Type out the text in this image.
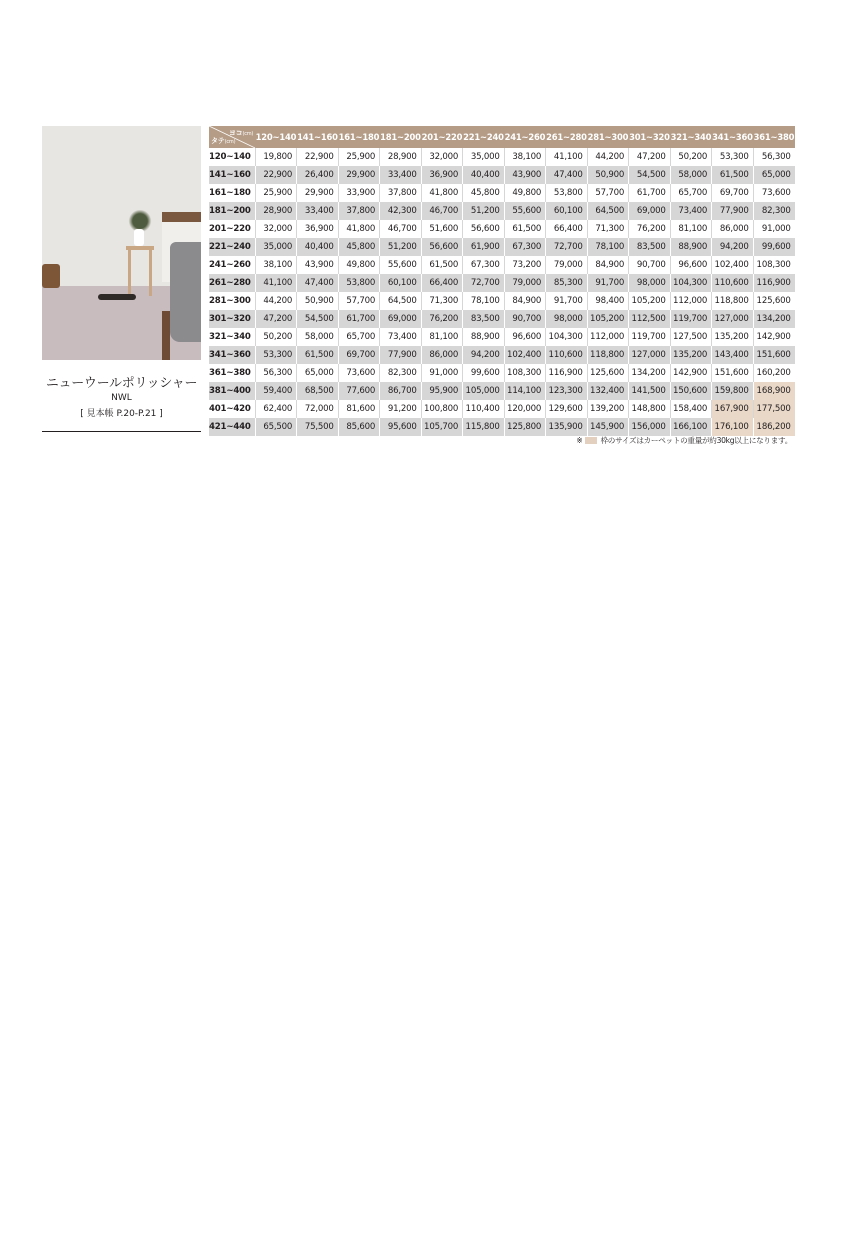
ニューウールポリッシャー
NWL
[ 見本帳 P.20-P.21 ]
ヨコ(cm)
タテ(cm)	120~140	141~160	161~180	181~200	201~220	221~240	241~260	261~280	281~300	301~320	321~340	341~360	361~380
120~140	19,800	22,900	25,900	28,900	32,000	35,000	38,100	41,100	44,200	47,200	50,200	53,300	56,300
141~160	22,900	26,400	29,900	33,400	36,900	40,400	43,900	47,400	50,900	54,500	58,000	61,500	65,000
161~180	25,900	29,900	33,900	37,800	41,800	45,800	49,800	53,800	57,700	61,700	65,700	69,700	73,600
181~200	28,900	33,400	37,800	42,300	46,700	51,200	55,600	60,100	64,500	69,000	73,400	77,900	82,300
201~220	32,000	36,900	41,800	46,700	51,600	56,600	61,500	66,400	71,300	76,200	81,100	86,000	91,000
221~240	35,000	40,400	45,800	51,200	56,600	61,900	67,300	72,700	78,100	83,500	88,900	94,200	99,600
241~260	38,100	43,900	49,800	55,600	61,500	67,300	73,200	79,000	84,900	90,700	96,600	102,400	108,300
261~280	41,100	47,400	53,800	60,100	66,400	72,700	79,000	85,300	91,700	98,000	104,300	110,600	116,900
281~300	44,200	50,900	57,700	64,500	71,300	78,100	84,900	91,700	98,400	105,200	112,000	118,800	125,600
301~320	47,200	54,500	61,700	69,000	76,200	83,500	90,700	98,000	105,200	112,500	119,700	127,000	134,200
321~340	50,200	58,000	65,700	73,400	81,100	88,900	96,600	104,300	112,000	119,700	127,500	135,200	142,900
341~360	53,300	61,500	69,700	77,900	86,000	94,200	102,400	110,600	118,800	127,000	135,200	143,400	151,600
361~380	56,300	65,000	73,600	82,300	91,000	99,600	108,300	116,900	125,600	134,200	142,900	151,600	160,200
381~400	59,400	68,500	77,600	86,700	95,900	105,000	114,100	123,300	132,400	141,500	150,600	159,800	168,900
401~420	62,400	72,000	81,600	91,200	100,800	110,400	120,000	129,600	139,200	148,800	158,400	167,900	177,500
421~440	65,500	75,500	85,600	95,600	105,700	115,800	125,800	135,900	145,900	156,000	166,100	176,100	186,200
※ 枠のサイズはカーペットの重量が約30kg以上になります。
